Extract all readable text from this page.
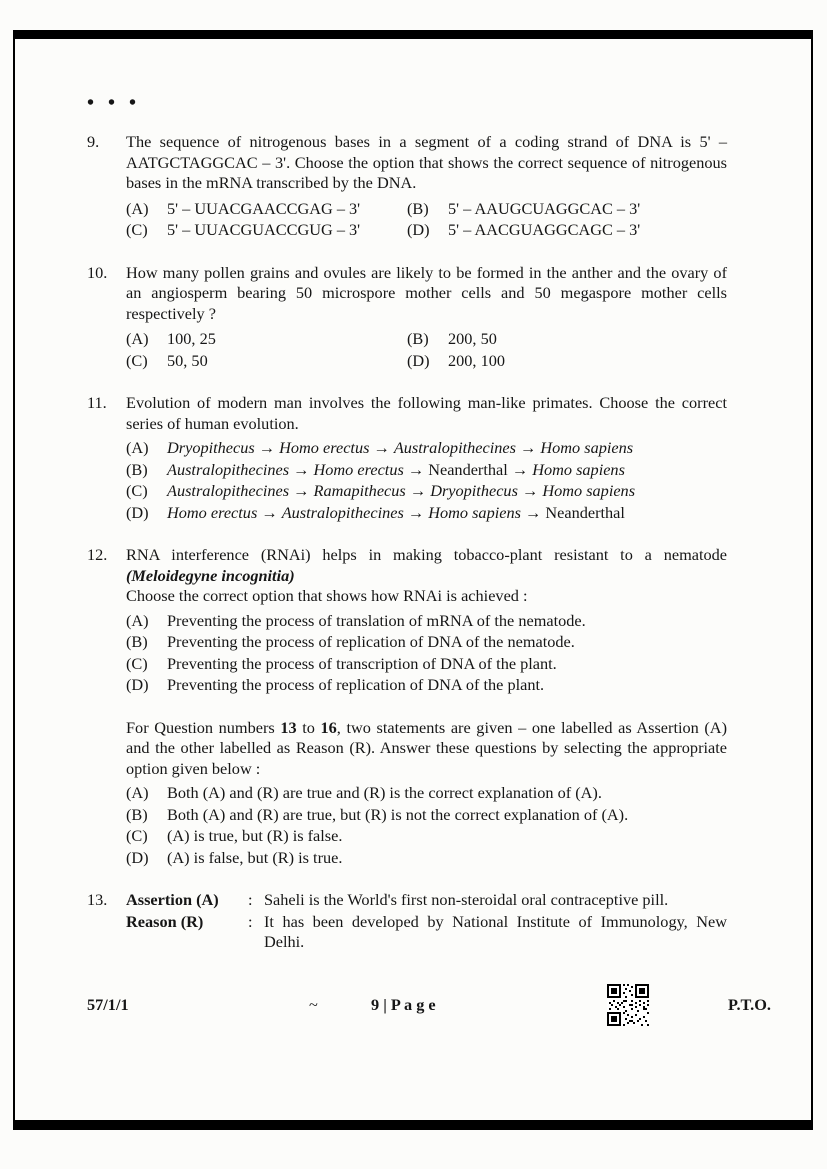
• • •
9.	The sequence of nitrogenous bases in a segment of a coding strand of DNA is 5' – AATGCTAGGCAC – 3'. Choose the option that shows the correct sequence of nitrogenous bases in the mRNA transcribed by the DNA.

(A)	5' – UUACGAACCGAG – 3'	(B)	5' – AAUGCUAGGCAC – 3'
(C)	5' – UUACGUACCGUG – 3'	(D)	5' – AACGUAGGCAGC – 3'
10.	How many pollen grains and ovules are likely to be formed in the anther and the ovary of an angiosperm bearing 50 microspore mother cells and 50 megaspore mother cells respectively ?

(A)	100, 25	(B)	200, 50
(C)	50, 50	(D)	200, 100
11.	Evolution of modern man involves the following man-like primates. Choose the correct series of human evolution.

(A)	Dryopithecus → Homo erectus → Australopithecines → Homo sapiens
(B)	Australopithecines → Homo erectus → Neanderthal → Homo sapiens
(C)	Australopithecines → Ramapithecus → Dryopithecus → Homo sapiens
(D)	Homo erectus → Australopithecines → Homo sapiens → Neanderthal
12.	RNA interference (RNAi) helps in making tobacco-plant resistant to a nematode (Meloidegyne incognitia)

Choose the correct option that shows how RNAi is achieved :

(A)	Preventing the process of translation of mRNA of the nematode.
(B)	Preventing the process of replication of DNA of the nematode.
(C)	Preventing the process of transcription of DNA of the plant.
(D)	Preventing the process of replication of DNA of the plant.

For Question numbers 13 to 16, two statements are given – one labelled as Assertion (A) and the other labelled as Reason (R). Answer these questions by selecting the appropriate option given below :

(A)	Both (A) and (R) are true and (R) is the correct explanation of (A).
(B)	Both (A) and (R) are true, but (R) is not the correct explanation of (A).
(C)	(A) is true, but (R) is false.
(D)	(A) is false, but (R) is true.
13.	Assertion (A)	: Saheli is the World's first non-steroidal oral contraceptive pill.
Reason (R)	: It has been developed by National Institute of Immunology, New Delhi.
57/1/1	~	9 | P a g e	P.T.O.
